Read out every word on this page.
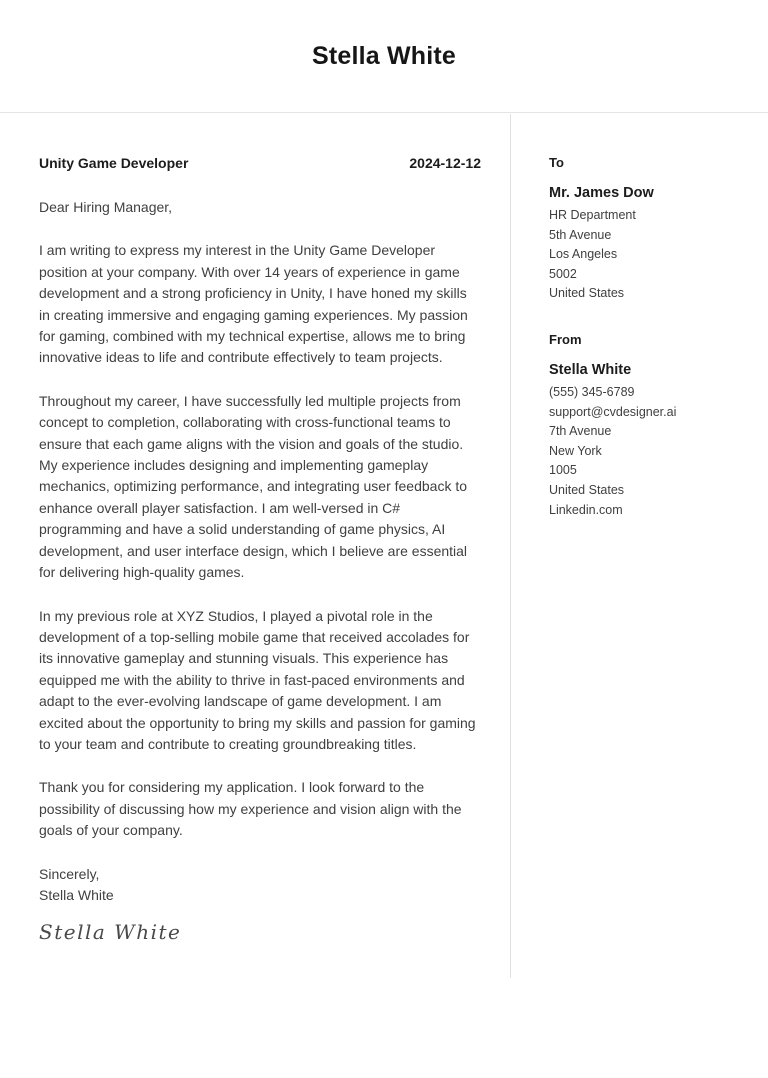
Stella White
Unity Game Developer	2024-12-12
Dear Hiring Manager,

I am writing to express my interest in the Unity Game Developer position at your company. With over 14 years of experience in game development and a strong proficiency in Unity, I have honed my skills in creating immersive and engaging gaming experiences. My passion for gaming, combined with my technical expertise, allows me to bring innovative ideas to life and contribute effectively to team projects.

Throughout my career, I have successfully led multiple projects from concept to completion, collaborating with cross-functional teams to ensure that each game aligns with the vision and goals of the studio. My experience includes designing and implementing gameplay mechanics, optimizing performance, and integrating user feedback to enhance overall player satisfaction. I am well-versed in C# programming and have a solid understanding of game physics, AI development, and user interface design, which I believe are essential for delivering high-quality games.

In my previous role at XYZ Studios, I played a pivotal role in the development of a top-selling mobile game that received accolades for its innovative gameplay and stunning visuals. This experience has equipped me with the ability to thrive in fast-paced environments and adapt to the ever-evolving landscape of game development. I am excited about the opportunity to bring my skills and passion for gaming to your team and contribute to creating groundbreaking titles.

Thank you for considering my application. I look forward to the possibility of discussing how my experience and vision align with the goals of your company.

Sincerely,
Stella White
Stella White
To
Mr. James Dow
HR Department
5th Avenue
Los Angeles
5002
United States
From
Stella White
(555) 345-6789
support@cvdesigner.ai
7th Avenue
New York
1005
United States
Linkedin.com
